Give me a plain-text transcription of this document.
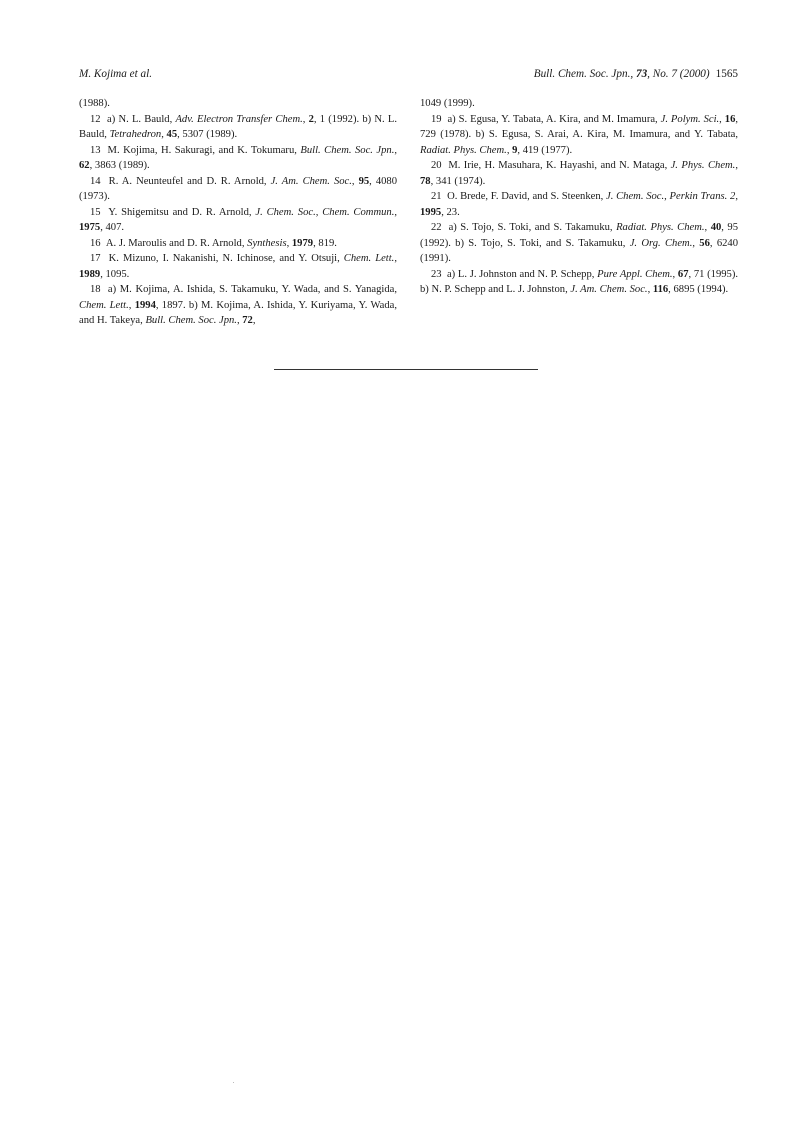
M. Kojima et al.	Bull. Chem. Soc. Jpn., 73, No. 7 (2000) 1565

(1988).

12  a) N. L. Bauld, Adv. Electron Transfer Chem., 2, 1 (1992). b) N. L. Bauld, Tetrahedron, 45, 5307 (1989).

13  M. Kojima, H. Sakuragi, and K. Tokumaru, Bull. Chem. Soc. Jpn., 62, 3863 (1989).

14  R. A. Neunteufel and D. R. Arnold, J. Am. Chem. Soc., 95, 4080 (1973).

15  Y. Shigemitsu and D. R. Arnold, J. Chem. Soc., Chem. Commun., 1975, 407.

16  A. J. Maroulis and D. R. Arnold, Synthesis, 1979, 819.

17  K. Mizuno, I. Nakanishi, N. Ichinose, and Y. Otsuji, Chem. Lett., 1989, 1095.

18  a) M. Kojima, A. Ishida, S. Takamuku, Y. Wada, and S. Yanagida, Chem. Lett., 1994, 1897. b) M. Kojima, A. Ishida, Y. Kuriyama, Y. Wada, and H. Takeya, Bull. Chem. Soc. Jpn., 72,

1049 (1999).

19  a) S. Egusa, Y. Tabata, A. Kira, and M. Imamura, J. Polym. Sci., 16, 729 (1978). b) S. Egusa, S. Arai, A. Kira, M. Imamura, and Y. Tabata, Radiat. Phys. Chem., 9, 419 (1977).

20  M. Irie, H. Masuhara, K. Hayashi, and N. Mataga, J. Phys. Chem., 78, 341 (1974).

21  O. Brede, F. David, and S. Steenken, J. Chem. Soc., Perkin Trans. 2, 1995, 23.

22  a) S. Tojo, S. Toki, and S. Takamuku, Radiat. Phys. Chem., 40, 95 (1992). b) S. Tojo, S. Toki, and S. Takamuku, J. Org. Chem., 56, 6240 (1991).

23  a) L. J. Johnston and N. P. Schepp, Pure Appl. Chem., 67, 71 (1995). b) N. P. Schepp and L. J. Johnston, J. Am. Chem. Soc., 116, 6895 (1994).
